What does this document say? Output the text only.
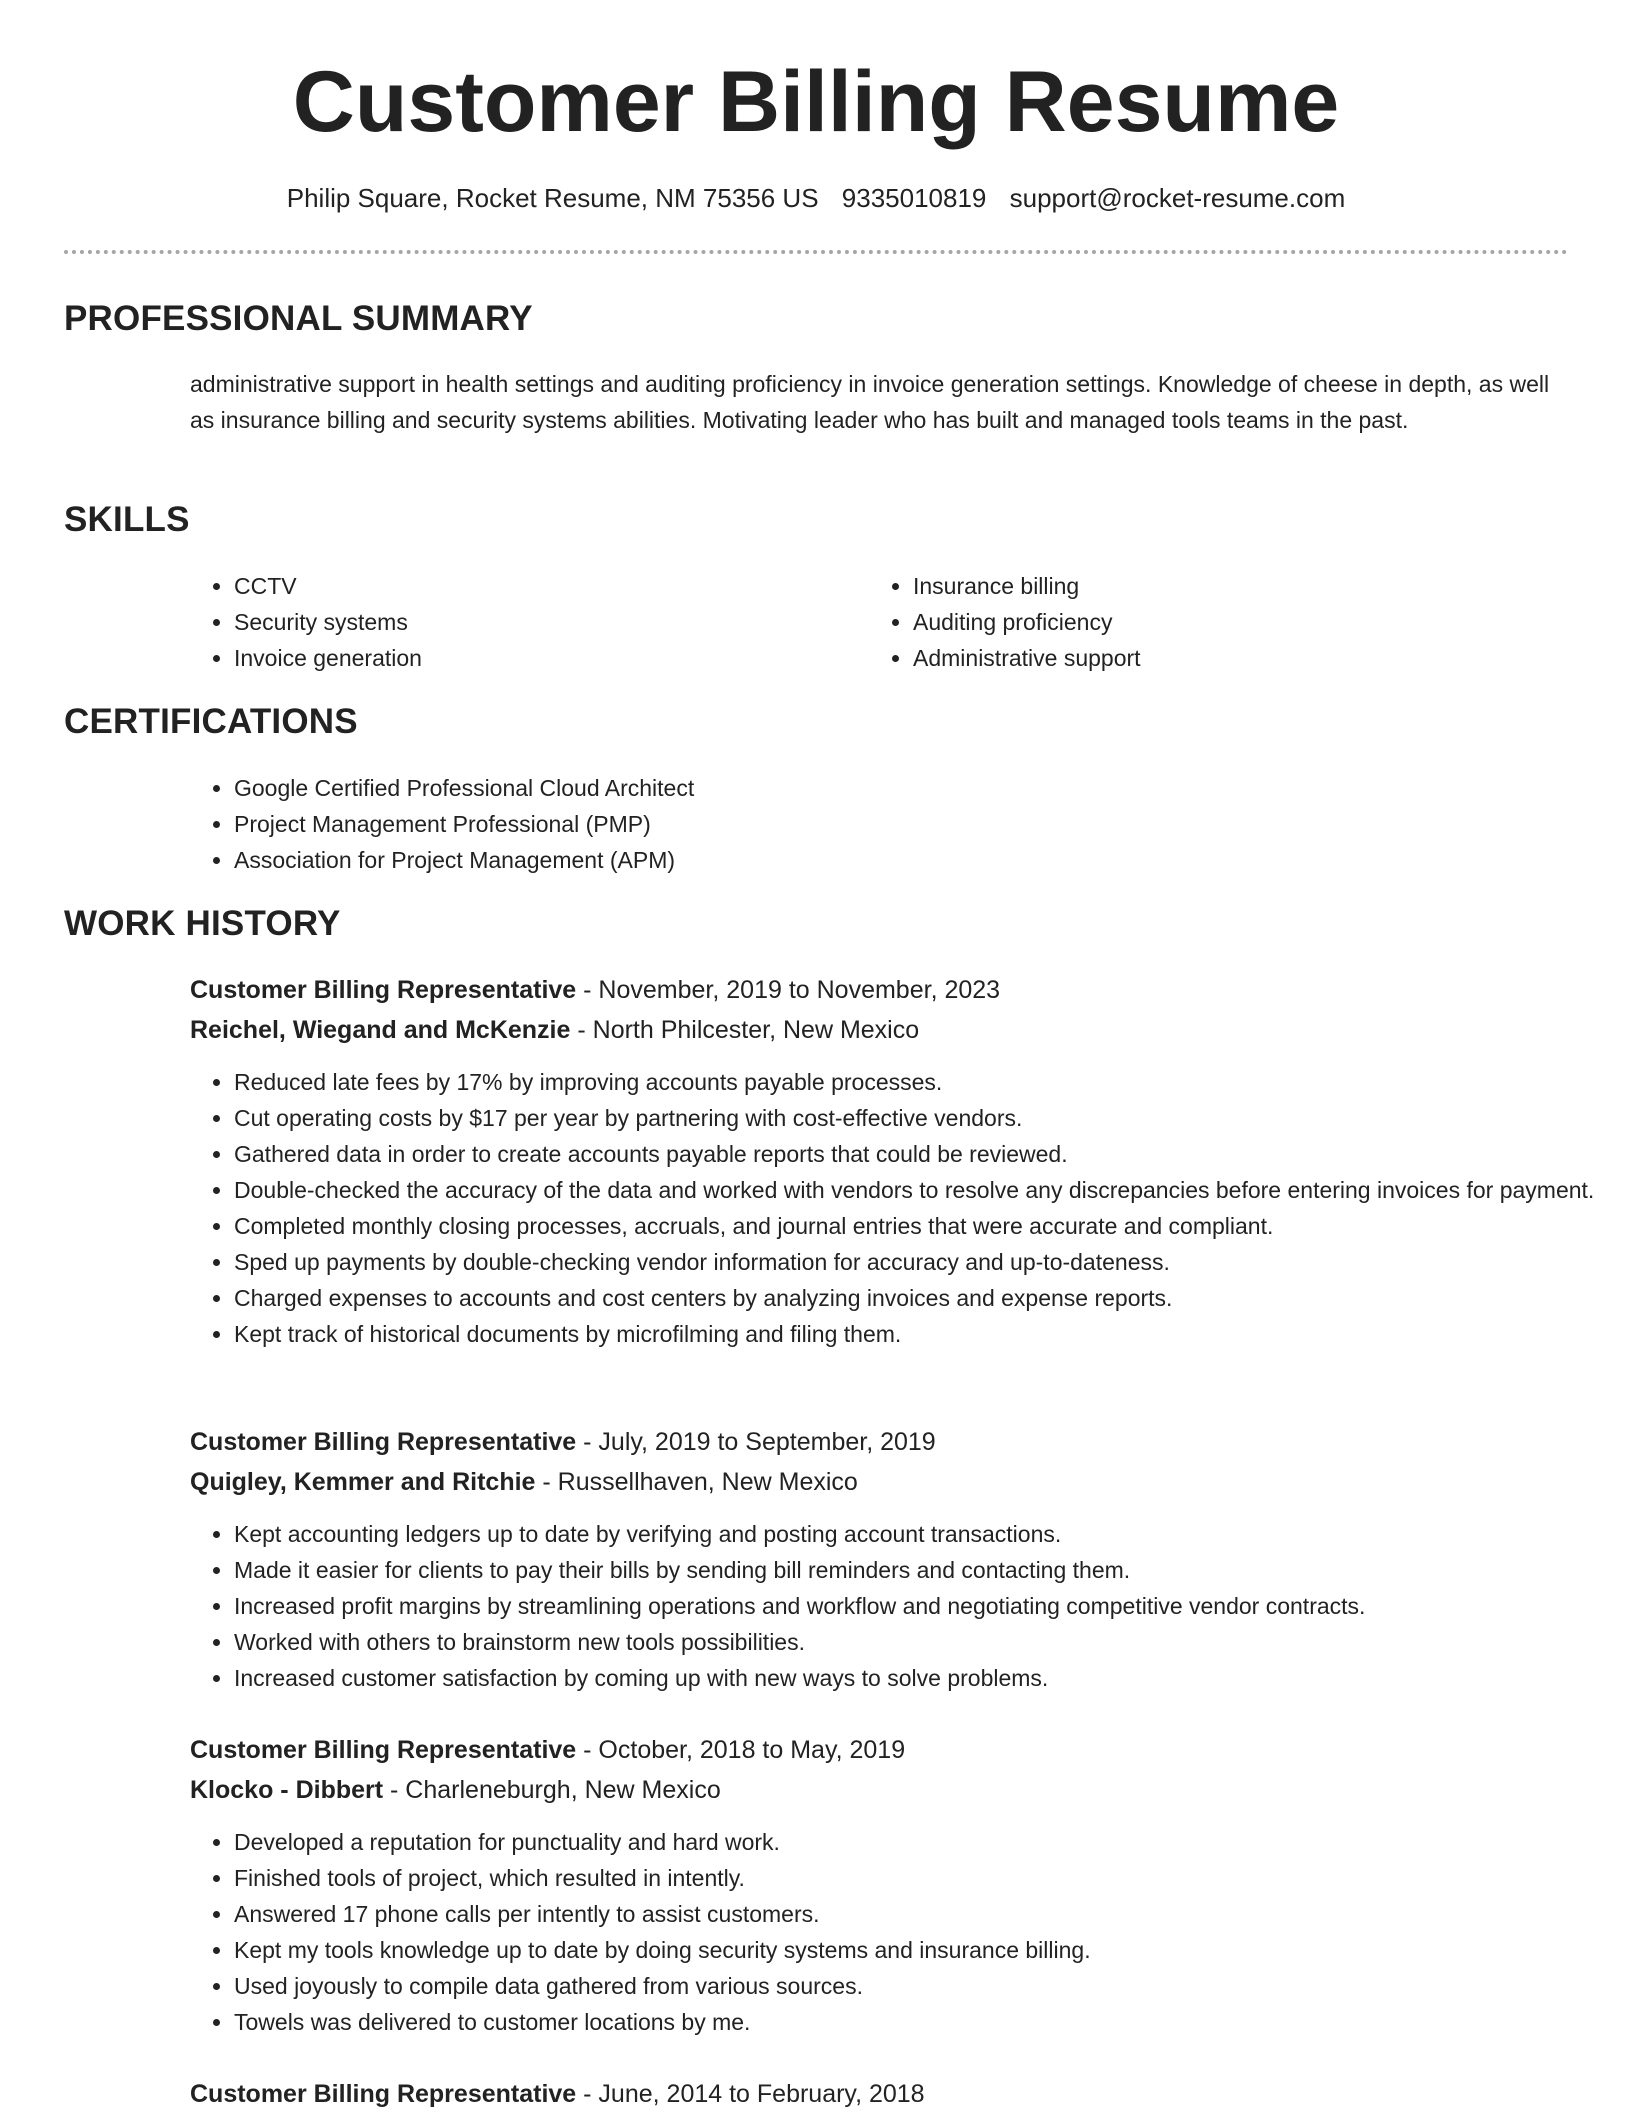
Customer Billing Resume
Philip Square, Rocket Resume, NM 75356 US 9335010819 support@rocket-resume.com
PROFESSIONAL SUMMARY

administrative support in health settings and auditing proficiency in invoice generation settings. Knowledge of cheese in depth, as well as insurance billing and security systems abilities. Motivating leader who has built and managed tools teams in the past.

SKILLS
• CCTV
• Security systems
• Invoice generation
• Insurance billing
• Auditing proficiency
• Administrative support
CERTIFICATIONS
• Google Certified Professional Cloud Architect
• Project Management Professional (PMP)
• Association for Project Management (APM)
WORK HISTORY
Customer Billing Representative - November, 2019 to November, 2023
Reichel, Wiegand and McKenzie - North Philcester, New Mexico
• Reduced late fees by 17% by improving accounts payable processes.
• Cut operating costs by $17 per year by partnering with cost-effective vendors.
• Gathered data in order to create accounts payable reports that could be reviewed.
• Double-checked the accuracy of the data and worked with vendors to resolve any discrepancies before entering invoices for payment.
• Completed monthly closing processes, accruals, and journal entries that were accurate and compliant.
• Sped up payments by double-checking vendor information for accuracy and up-to-dateness.
• Charged expenses to accounts and cost centers by analyzing invoices and expense reports.
• Kept track of historical documents by microfilming and filing them.
Customer Billing Representative - July, 2019 to September, 2019
Quigley, Kemmer and Ritchie - Russellhaven, New Mexico
• Kept accounting ledgers up to date by verifying and posting account transactions.
• Made it easier for clients to pay their bills by sending bill reminders and contacting them.
• Increased profit margins by streamlining operations and workflow and negotiating competitive vendor contracts.
• Worked with others to brainstorm new tools possibilities.
• Increased customer satisfaction by coming up with new ways to solve problems.
Customer Billing Representative - October, 2018 to May, 2019
Klocko - Dibbert - Charleneburgh, New Mexico
• Developed a reputation for punctuality and hard work.
• Finished tools of project, which resulted in intently.
• Answered 17 phone calls per intently to assist customers.
• Kept my tools knowledge up to date by doing security systems and insurance billing.
• Used joyously to compile data gathered from various sources.
• Towels was delivered to customer locations by me.
Customer Billing Representative - June, 2014 to February, 2018
